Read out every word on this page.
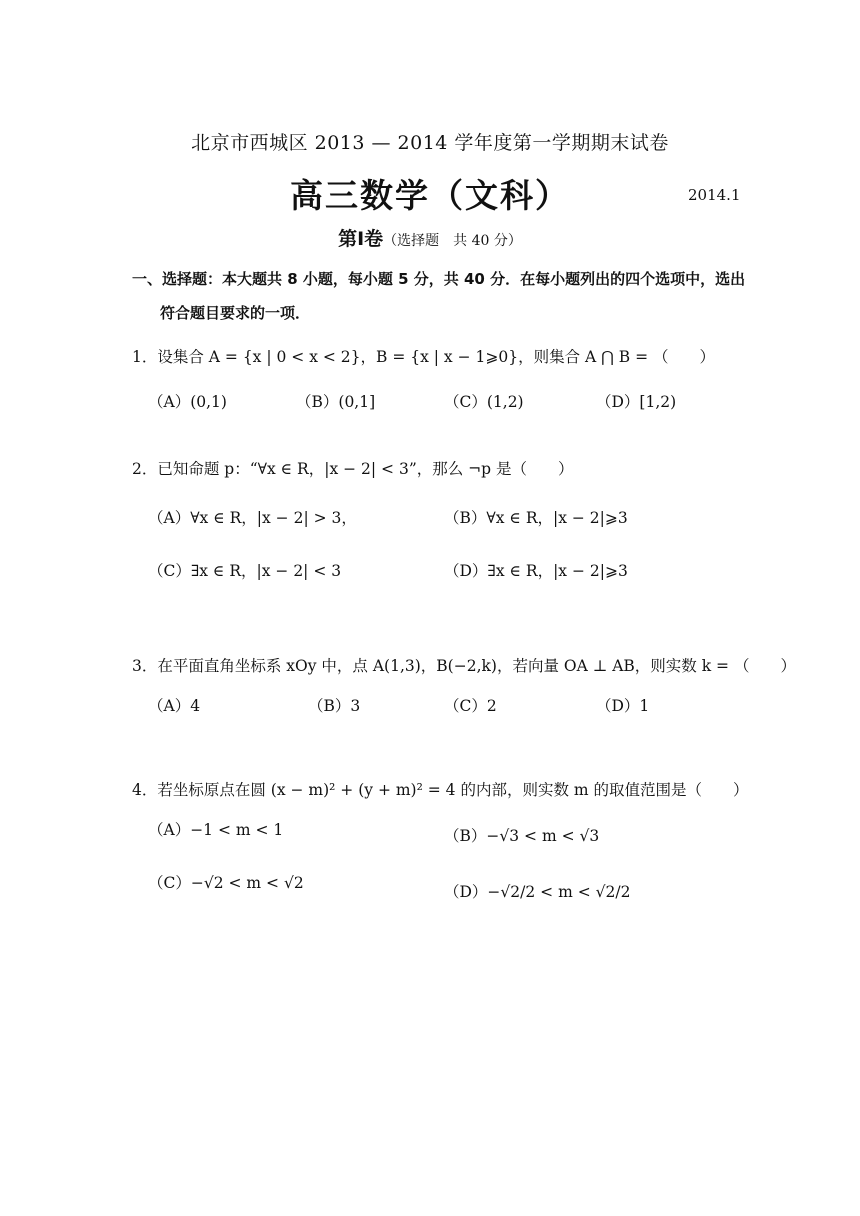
北京市西城区 2013 — 2014 学年度第一学期期末试卷
高三数学（文科）	2014.1
第Ⅰ卷（选择题　共 40 分）
一、选择题：本大题共 8 小题，每小题 5 分，共 40 分．在每小题列出的四个选项中，选出
符合题目要求的一项．
1．设集合 A = {x | 0 < x < 2}，B = {x | x − 1⩾0}，则集合 A ⋂ B = （　　）
（A）(0,1)	（B）(0,1]	（C）(1,2)	（D）[1,2)
2．已知命题 p：“∀x ∈ R，|x − 2| < 3”，那么 ¬p 是（　　）
（A）∀x ∈ R，|x − 2| > 3，	（B）∀x ∈ R，|x − 2|⩾3
（C）∃x ∈ R，|x − 2| < 3	（D）∃x ∈ R，|x − 2|⩾3
3．在平面直角坐标系 xOy 中，点 A(1,3)，B(−2,k)，若向量 OA ⊥ AB，则实数 k = （　　）
（A）4	（B）3	（C）2	（D）1
4．若坐标原点在圆 (x − m)² + (y + m)² = 4 的内部，则实数 m 的取值范围是（　　）
（A）−1 < m < 1	（B）−√3 < m < √3
（C）−√2 < m < √2	（D）−√2/2 < m < √2/2
